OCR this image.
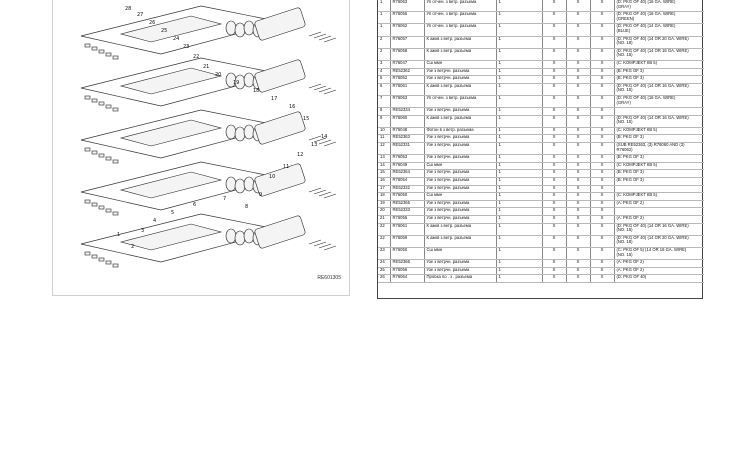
1
2
3
4
5
6
7
8
9
10
11
12
13
14
15
16
17
18
19
20
21
22
23
24
25
26
27
28
RE601305
1	R76063	Уп отчен. з ветр. разъема	1	X	X	X	(D: PKG OF 40) (16 GA. WIRE)
(GRAY)
1	R76055	Уп отчен. з ветр. разъема	1	X	X	X	(D: PKG OF 40) (16 GA. WIRE)
(GREEN)
1	R76062	Уп отчен. з ветр. разъема	1	X	X	X	(D: PKG OF 40) (14 GA. WIRE)
(BLUE)
2	R76057	К ажкв з ветр. разъема	1	X	X	X	(D: PKG OF 40) (14 OR 20 GA. WIRE)
(NO. 18)
2	R76058	К ажкв з ветр. разъема	1	X	X	X	(D: PKG OF 40) (14 OR 16 GA. WIRE)
(NO. 15)
3	R76047	Сш ммн	1	X	X	X	(C: KOMPJEKT КВ 5)
4	RE52362	Узе з ветрчн. разъема	1	X	X	X	(B: PKG OF 3)
5	R76052	Узе з ветрчн. разъема	1	X	X	X	(B: PKG OF 3)
6	R76061	К ажкв з ветр. разъема	1	X	X	X	(D: PKG OF 40) (14 OR 16 GA. WIRE)
(NO. 15)
7	R76063	Уп отчен. з ветр. разъема	1	X	X	X	(D: PKG OF 40) (16 GA. WIRE)
(GRAY)
8	RE52334	Узе з ветрчн. разъема	1	X	X	X	
9	R76060	К ажкв з ветр. разъема	1	X	X	X	(D: PKG OF 40) (14 OR 16 GA. WIRE)
(NO. 15)
10	R76048	Фотон в з ветр. разъема	1	X	X	X	(C: KOMPJEKT КВ 5)
11	RE52363	Узе з ветрчн. разъема	1	X	X	X	(B: PKG OF 3)
12	RE52331	Узе з ветрчн. разъема	1	X	X	X	(SUB RE52363, (3) R76060 AND (3)
R76062)
13	R76053	Узе з ветрчн. разъема	1	X	X	X	(B: PKG OF 3)
14	R76049	Сш ммн	1	X	X	X	(C: KOMPJEKT КВ 5)
15	RE52364	Узе з ветрчн. разъема	1	X	X	X	(B: PKG OF 3)
16	R76054	Узе з ветрчн. разъема	1	X	X	X	(B: PKG OF 3)
17	RE52332	Узе з ветрчн. разъема	1	X	X	X	
18	R76050	Сш ммн	1	X	X	X	(C: KOMPJEKT КВ 5)
19	RE52365	Узе з ветрчн. разъема	1	X	X	X	(A: PKG OF 2)
20	RE52333	Узе з ветрчн. разъема	1	X	X	X	
21	R76055	Узе з ветрчн. разъема	1	X	X	X	(A: PKG OF 2)
22	R76061	К ажкв з ветр. разъема	1	X	X	X	(D: PKG OF 40) (14 OR 16 GA. WIRE)
(NO. 15)
22	R76059	К ажкв з ветр. разъема	1	X	X	X	(D: PKG OF 40) (14 OR 20 GA. WIRE)
(NO. 18)
23	R76050	Сш ммн	1	X	X	X	(C: PKG OF 5) (14 OR 16 GA. WIRE)
(NO. 15)
24	RE52366	Узе з ветрчн. разъема	1	X	X	X	(A: PKG OF 2)
25	R76056	Узе з ветрчн. разъема	1	X	X	X	(A: PKG OF 2)
26	R76064	Пробка по . з . разъема	1	X	X	X	(D: PKG OF 40)
